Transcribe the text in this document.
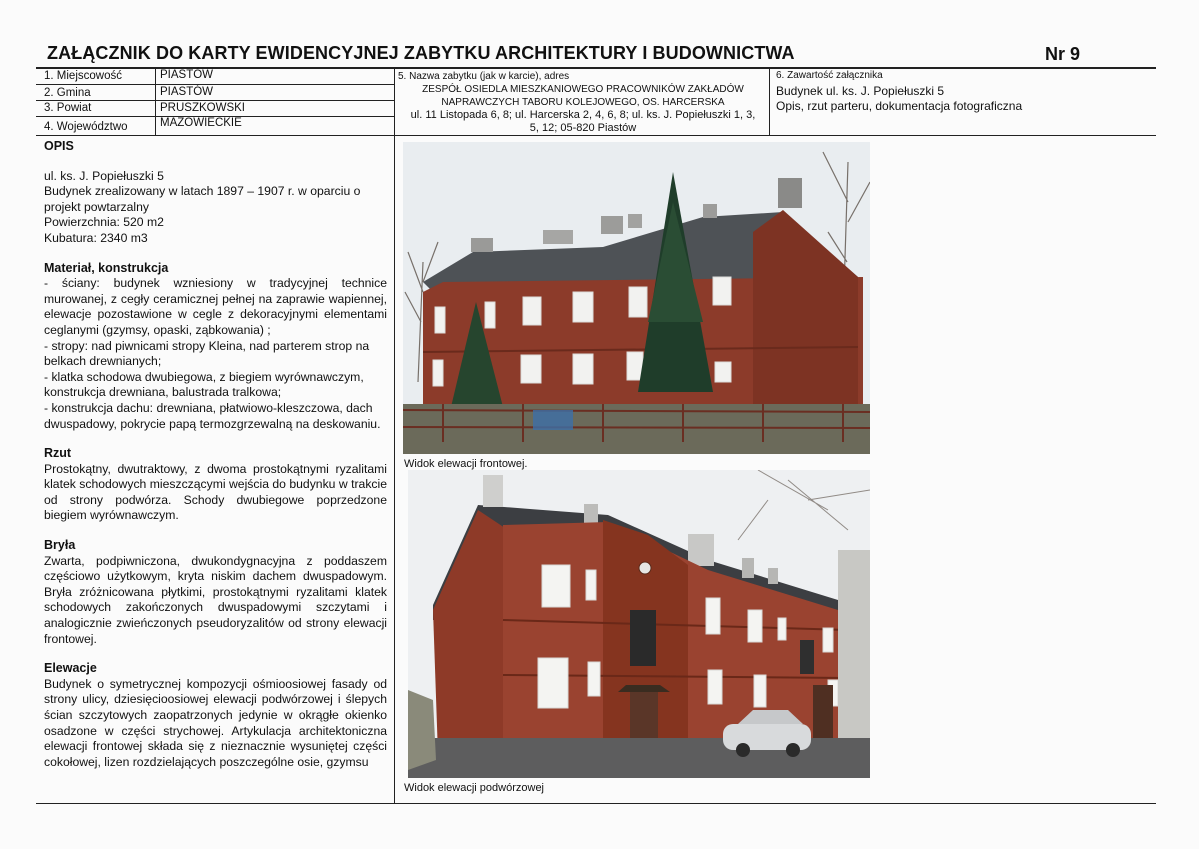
ZAŁĄCZNIK DO KARTY EWIDENCYJNEJ ZABYTKU ARCHITEKTURY I BUDOWNICTWA	Nr 9
1. Miejscowość	PIASTÓW
2. Gmina	PIASTÓW
3. Powiat	PRUSZKOWSKI
4. Województwo	MAZOWIECKIE
5. Nazwa zabytku (jak w karcie), adres
ZESPÓŁ OSIEDLA MIESZKANIOWEGO PRACOWNIKÓW ZAKŁADÓW
NAPRAWCZYCH TABORU KOLEJOWEGO, OS. HARCERSKA
ul. 11 Listopada 6, 8; ul. Harcerska 2, 4, 6, 8; ul. ks. J. Popiełuszki 1, 3,
5, 12; 05-820 Piastów
6. Zawartość załącznika
Budynek ul. ks. J. Popiełuszki 5
Opis, rzut parteru, dokumentacja fotograficzna
OPIS

ul. ks. J. Popiełuszki 5

Budynek zrealizowany w latach 1897 – 1907 r. w oparciu o projekt powtarzalny

Powierzchnia: 520 m2

Kubatura: 2340 m3

Materiał, konstrukcja

- ściany: budynek wzniesiony w tradycyjnej technice murowanej, z cegły ceramicznej pełnej na zaprawie wapiennej, elewacje pozostawione w cegle z dekoracyjnymi elementami ceglanymi (gzymsy, opaski, ząbkowania) ;

- stropy: nad piwnicami stropy Kleina, nad parterem strop na belkach drewnianych;

- klatka schodowa dwubiegowa, z biegiem wyrównawczym, konstrukcja drewniana, balustrada tralkowa;

- konstrukcja dachu: drewniana, płatwiowo-kleszczowa, dach dwuspadowy, pokrycie papą termozgrzewalną na deskowaniu.

Rzut

Prostokątny, dwutraktowy, z dwoma prostokątnymi ryzalitami klatek schodowych mieszczącymi wejścia do budynku w trakcie od strony podwórza. Schody dwubiegowe poprzedzone biegiem wyrównawczym.

Bryła

Zwarta, podpiwniczona, dwukondygnacyjna z poddaszem częściowo użytkowym, kryta niskim dachem dwuspadowym. Bryła zróżnicowana płytkimi, prostokątnymi ryzalitami klatek schodowych zakończonych dwuspadowymi szczytami i analogicznie zwieńczonych pseudoryzalitów od strony elewacji frontowej.

Elewacje

Budynek o symetrycznej kompozycji ośmioosiowej fasady od strony ulicy, dziesięcioosiowej elewacji podwórzowej i ślepych ścian szczytowych zaopatrzonych jedynie w okrągłe okienko osadzone w części strychowej. Artykulacja architektoniczna elewacji frontowej składa się z nieznacznie wysuniętej części cokołowej, lizen rozdzielających poszczególne osie, gzymsu

Widok elewacji frontowej.
Widok elewacji podwórzowej
